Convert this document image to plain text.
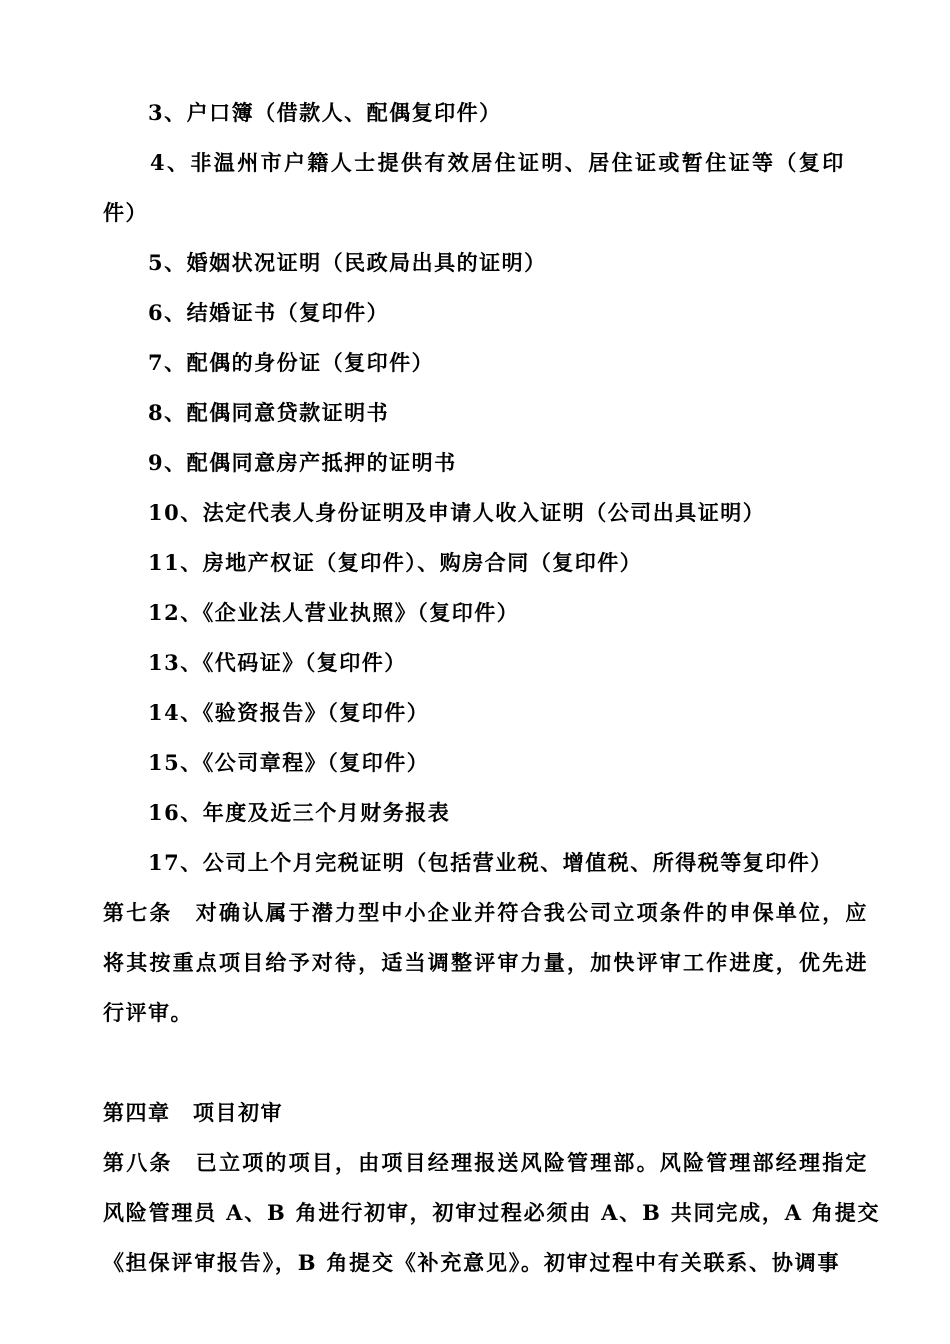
3、户口簿（借款人、配偶复印件）
4、非温州市户籍人士提供有效居住证明、居住证或暂住证等（复印
件）
5、婚姻状况证明（民政局出具的证明）
6、结婚证书（复印件）
7、配偶的身份证（复印件）
8、配偶同意贷款证明书
9、配偶同意房产抵押的证明书
10、法定代表人身份证明及申请人收入证明（公司出具证明）
11、房地产权证（复印件）、购房合同（复印件）
12、《企业法人营业执照》（复印件）
13、《代码证》（复印件）
14、《验资报告》（复印件）
15、《公司章程》（复印件）
16、年度及近三个月财务报表
17、公司上个月完税证明（包括营业税、增值税、所得税等复印件）
第七条　对确认属于潜力型中小企业并符合我公司立项条件的申保单位，应
将其按重点项目给予对待，适当调整评审力量，加快评审工作进度，优先进
行评审。
第四章　项目初审
第八条　已立项的项目，由项目经理报送风险管理部。风险管理部经理指定
风险管理员 A、B 角进行初审，初审过程必须由 A、B 共同完成，A 角提交
《担保评审报告》，B 角提交《补充意见》。初审过程中有关联系、协调事
